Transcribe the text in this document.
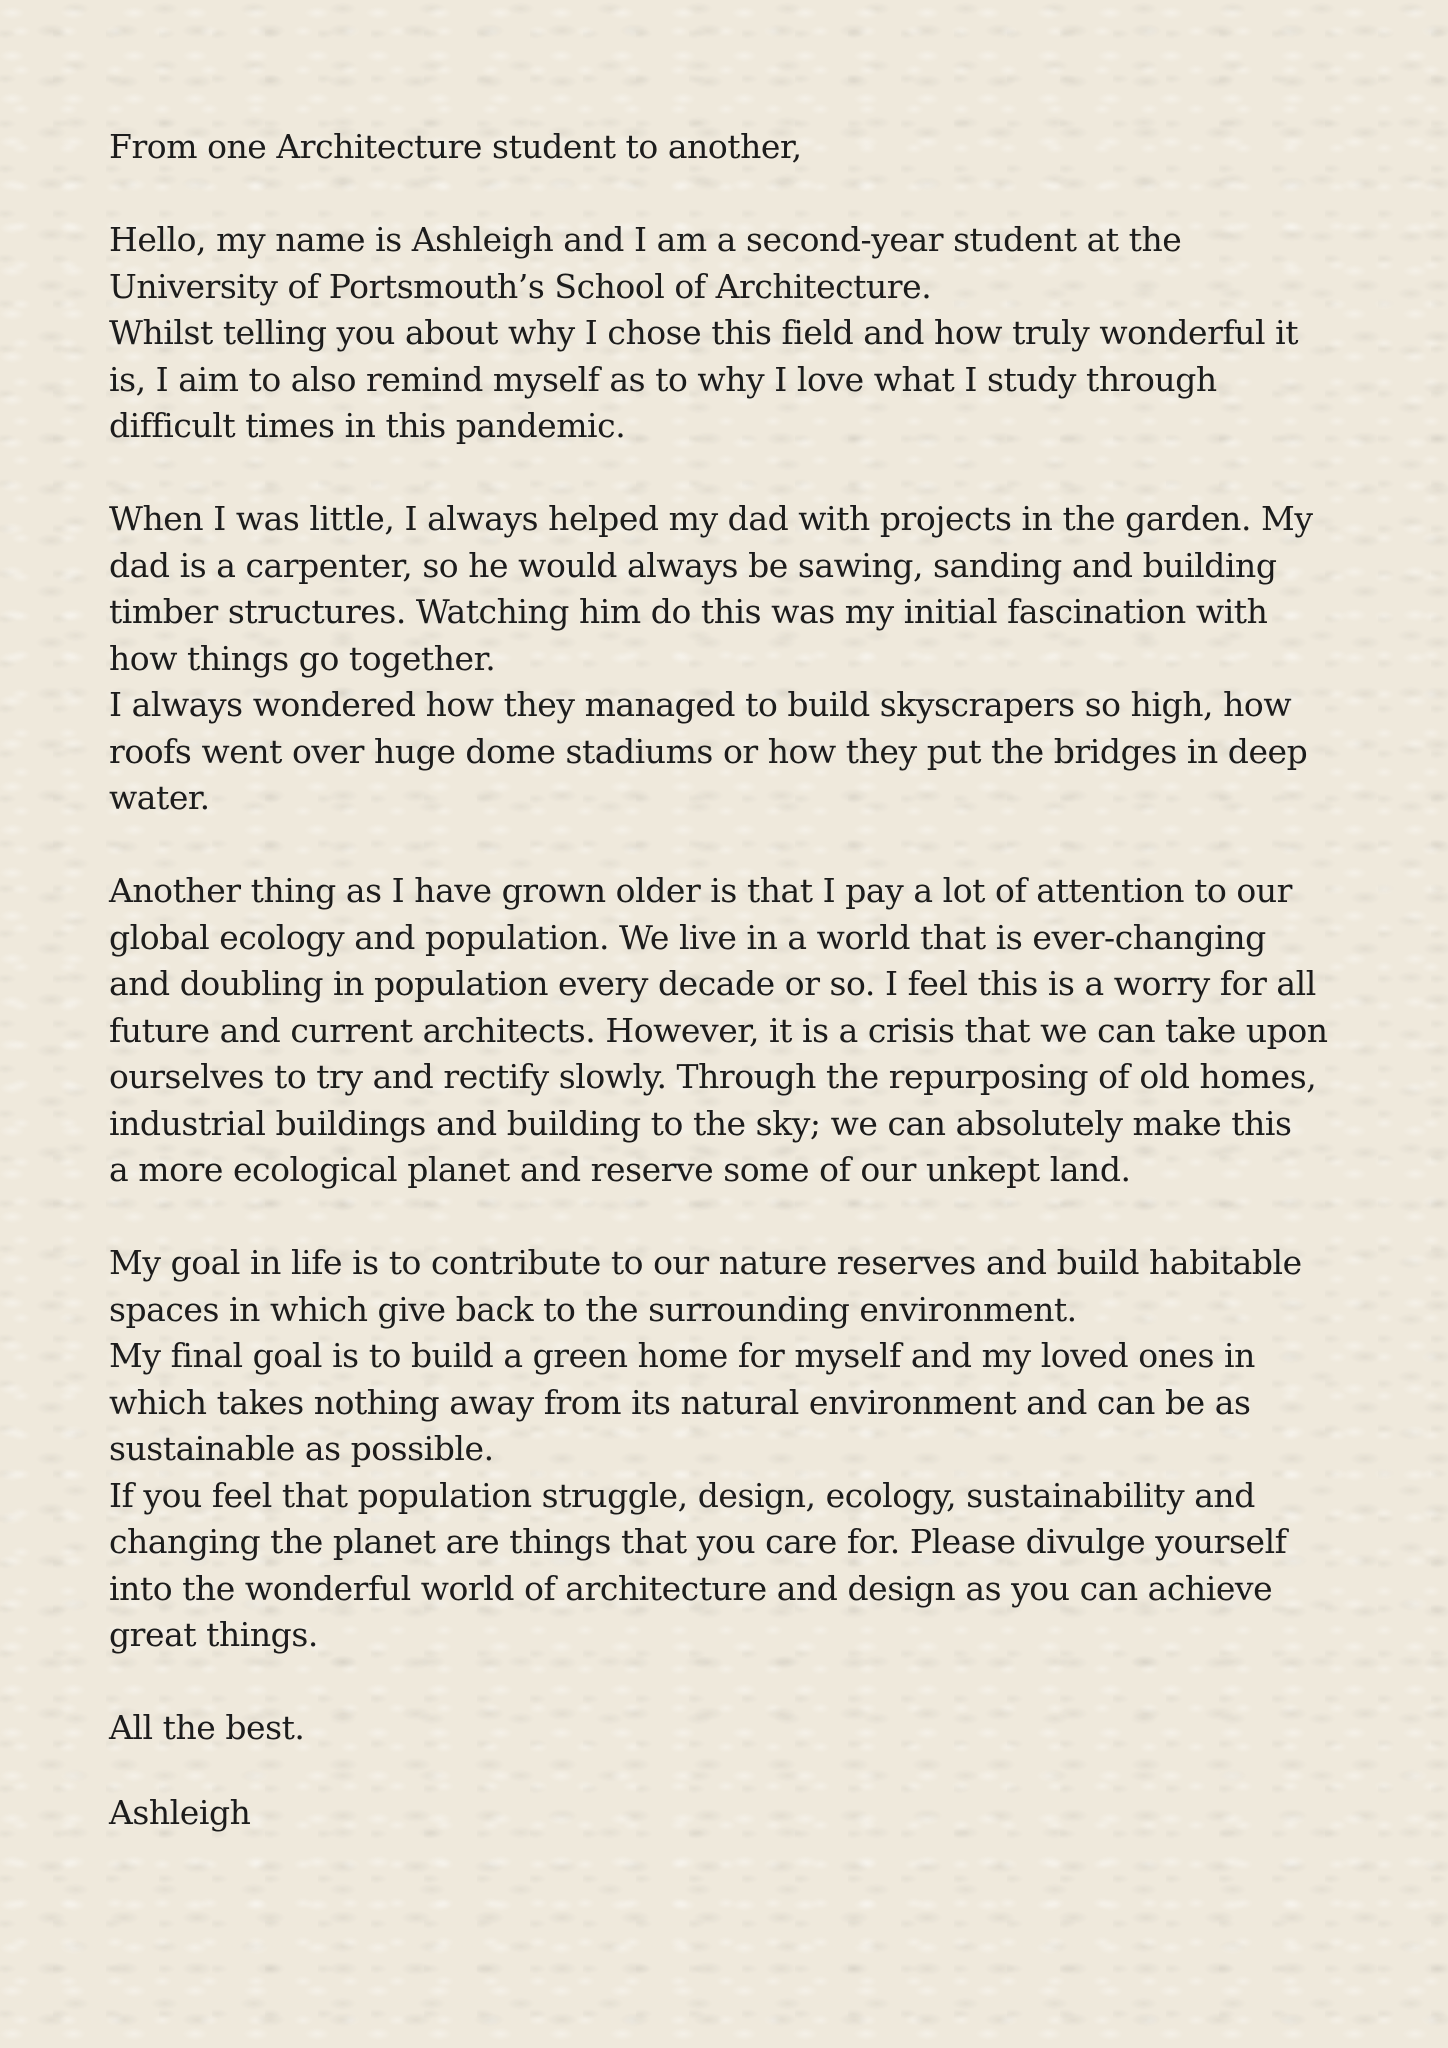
From one Architecture student to another,

Hello, my name is Ashleigh and I am a second-year student at the
University of Portsmouth’s School of Architecture.
Whilst telling you about why I chose this field and how truly wonderful it
is, I aim to also remind myself as to why I love what I study through
difficult times in this pandemic.

When I was little, I always helped my dad with projects in the garden. My
dad is a carpenter, so he would always be sawing, sanding and building
timber structures. Watching him do this was my initial fascination with
how things go together.
I always wondered how they managed to build skyscrapers so high, how
roofs went over huge dome stadiums or how they put the bridges in deep
water.

Another thing as I have grown older is that I pay a lot of attention to our
global ecology and population. We live in a world that is ever-changing
and doubling in population every decade or so. I feel this is a worry for all
future and current architects. However, it is a crisis that we can take upon
ourselves to try and rectify slowly. Through the repurposing of old homes,
industrial buildings and building to the sky; we can absolutely make this
a more ecological planet and reserve some of our unkept land.

My goal in life is to contribute to our nature reserves and build habitable
spaces in which give back to the surrounding environment.
My final goal is to build a green home for myself and my loved ones in
which takes nothing away from its natural environment and can be as
sustainable as possible.
If you feel that population struggle, design, ecology, sustainability and
changing the planet are things that you care for. Please divulge yourself
into the wonderful world of architecture and design as you can achieve
great things.

All the best.

Ashleigh
